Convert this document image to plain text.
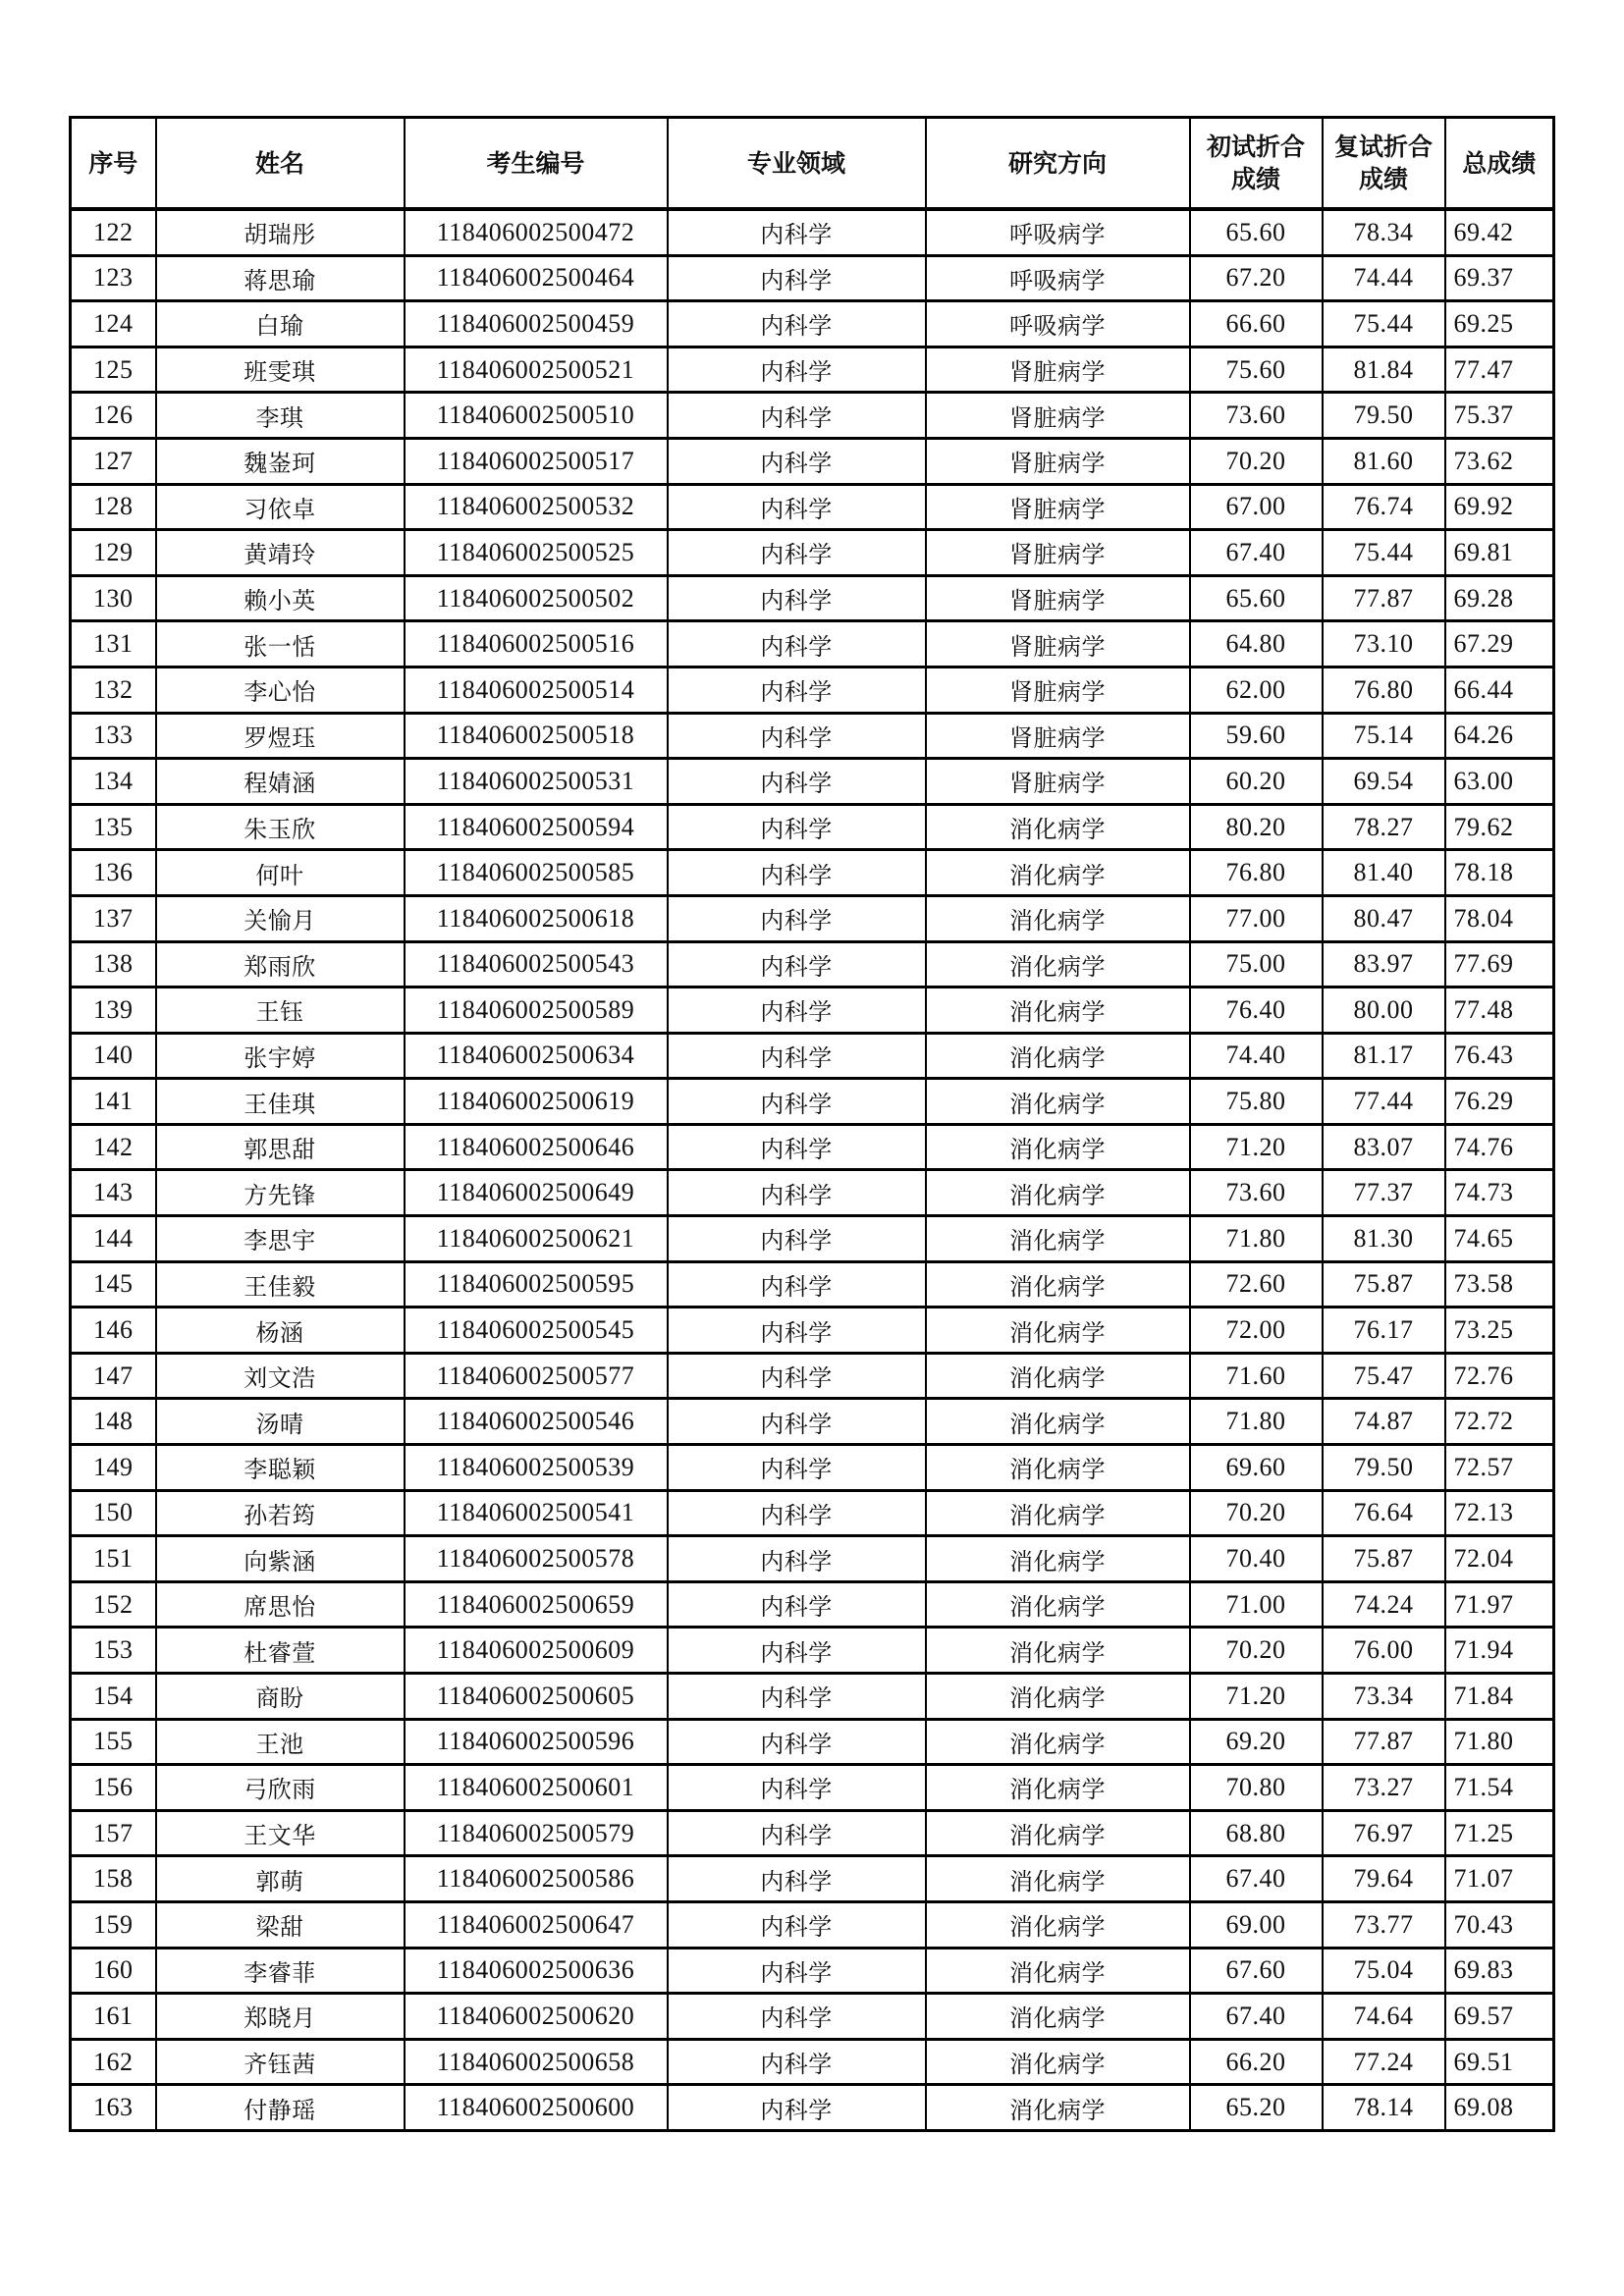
序号	姓名	考生编号	专业领域	研究方向	初试折合成绩	复试折合成绩	总成绩
122	胡瑞彤	118406002500472	内科学	呼吸病学	65.60	78.34	69.42
123	蒋思瑜	118406002500464	内科学	呼吸病学	67.20	74.44	69.37
124	白瑜	118406002500459	内科学	呼吸病学	66.60	75.44	69.25
125	班雯琪	118406002500521	内科学	肾脏病学	75.60	81.84	77.47
126	李琪	118406002500510	内科学	肾脏病学	73.60	79.50	75.37
127	魏崟珂	118406002500517	内科学	肾脏病学	70.20	81.60	73.62
128	习依卓	118406002500532	内科学	肾脏病学	67.00	76.74	69.92
129	黄靖玲	118406002500525	内科学	肾脏病学	67.40	75.44	69.81
130	赖小英	118406002500502	内科学	肾脏病学	65.60	77.87	69.28
131	张一恬	118406002500516	内科学	肾脏病学	64.80	73.10	67.29
132	李心怡	118406002500514	内科学	肾脏病学	62.00	76.80	66.44
133	罗煜珏	118406002500518	内科学	肾脏病学	59.60	75.14	64.26
134	程婧涵	118406002500531	内科学	肾脏病学	60.20	69.54	63.00
135	朱玉欣	118406002500594	内科学	消化病学	80.20	78.27	79.62
136	何叶	118406002500585	内科学	消化病学	76.80	81.40	78.18
137	关愉月	118406002500618	内科学	消化病学	77.00	80.47	78.04
138	郑雨欣	118406002500543	内科学	消化病学	75.00	83.97	77.69
139	王钰	118406002500589	内科学	消化病学	76.40	80.00	77.48
140	张宇婷	118406002500634	内科学	消化病学	74.40	81.17	76.43
141	王佳琪	118406002500619	内科学	消化病学	75.80	77.44	76.29
142	郭思甜	118406002500646	内科学	消化病学	71.20	83.07	74.76
143	方先锋	118406002500649	内科学	消化病学	73.60	77.37	74.73
144	李思宇	118406002500621	内科学	消化病学	71.80	81.30	74.65
145	王佳毅	118406002500595	内科学	消化病学	72.60	75.87	73.58
146	杨涵	118406002500545	内科学	消化病学	72.00	76.17	73.25
147	刘文浩	118406002500577	内科学	消化病学	71.60	75.47	72.76
148	汤晴	118406002500546	内科学	消化病学	71.80	74.87	72.72
149	李聪颖	118406002500539	内科学	消化病学	69.60	79.50	72.57
150	孙若筠	118406002500541	内科学	消化病学	70.20	76.64	72.13
151	向紫涵	118406002500578	内科学	消化病学	70.40	75.87	72.04
152	席思怡	118406002500659	内科学	消化病学	71.00	74.24	71.97
153	杜睿萱	118406002500609	内科学	消化病学	70.20	76.00	71.94
154	商盼	118406002500605	内科学	消化病学	71.20	73.34	71.84
155	王池	118406002500596	内科学	消化病学	69.20	77.87	71.80
156	弓欣雨	118406002500601	内科学	消化病学	70.80	73.27	71.54
157	王文华	118406002500579	内科学	消化病学	68.80	76.97	71.25
158	郭萌	118406002500586	内科学	消化病学	67.40	79.64	71.07
159	梁甜	118406002500647	内科学	消化病学	69.00	73.77	70.43
160	李睿菲	118406002500636	内科学	消化病学	67.60	75.04	69.83
161	郑晓月	118406002500620	内科学	消化病学	67.40	74.64	69.57
162	齐钰茜	118406002500658	内科学	消化病学	66.20	77.24	69.51
163	付静瑶	118406002500600	内科学	消化病学	65.20	78.14	69.08
